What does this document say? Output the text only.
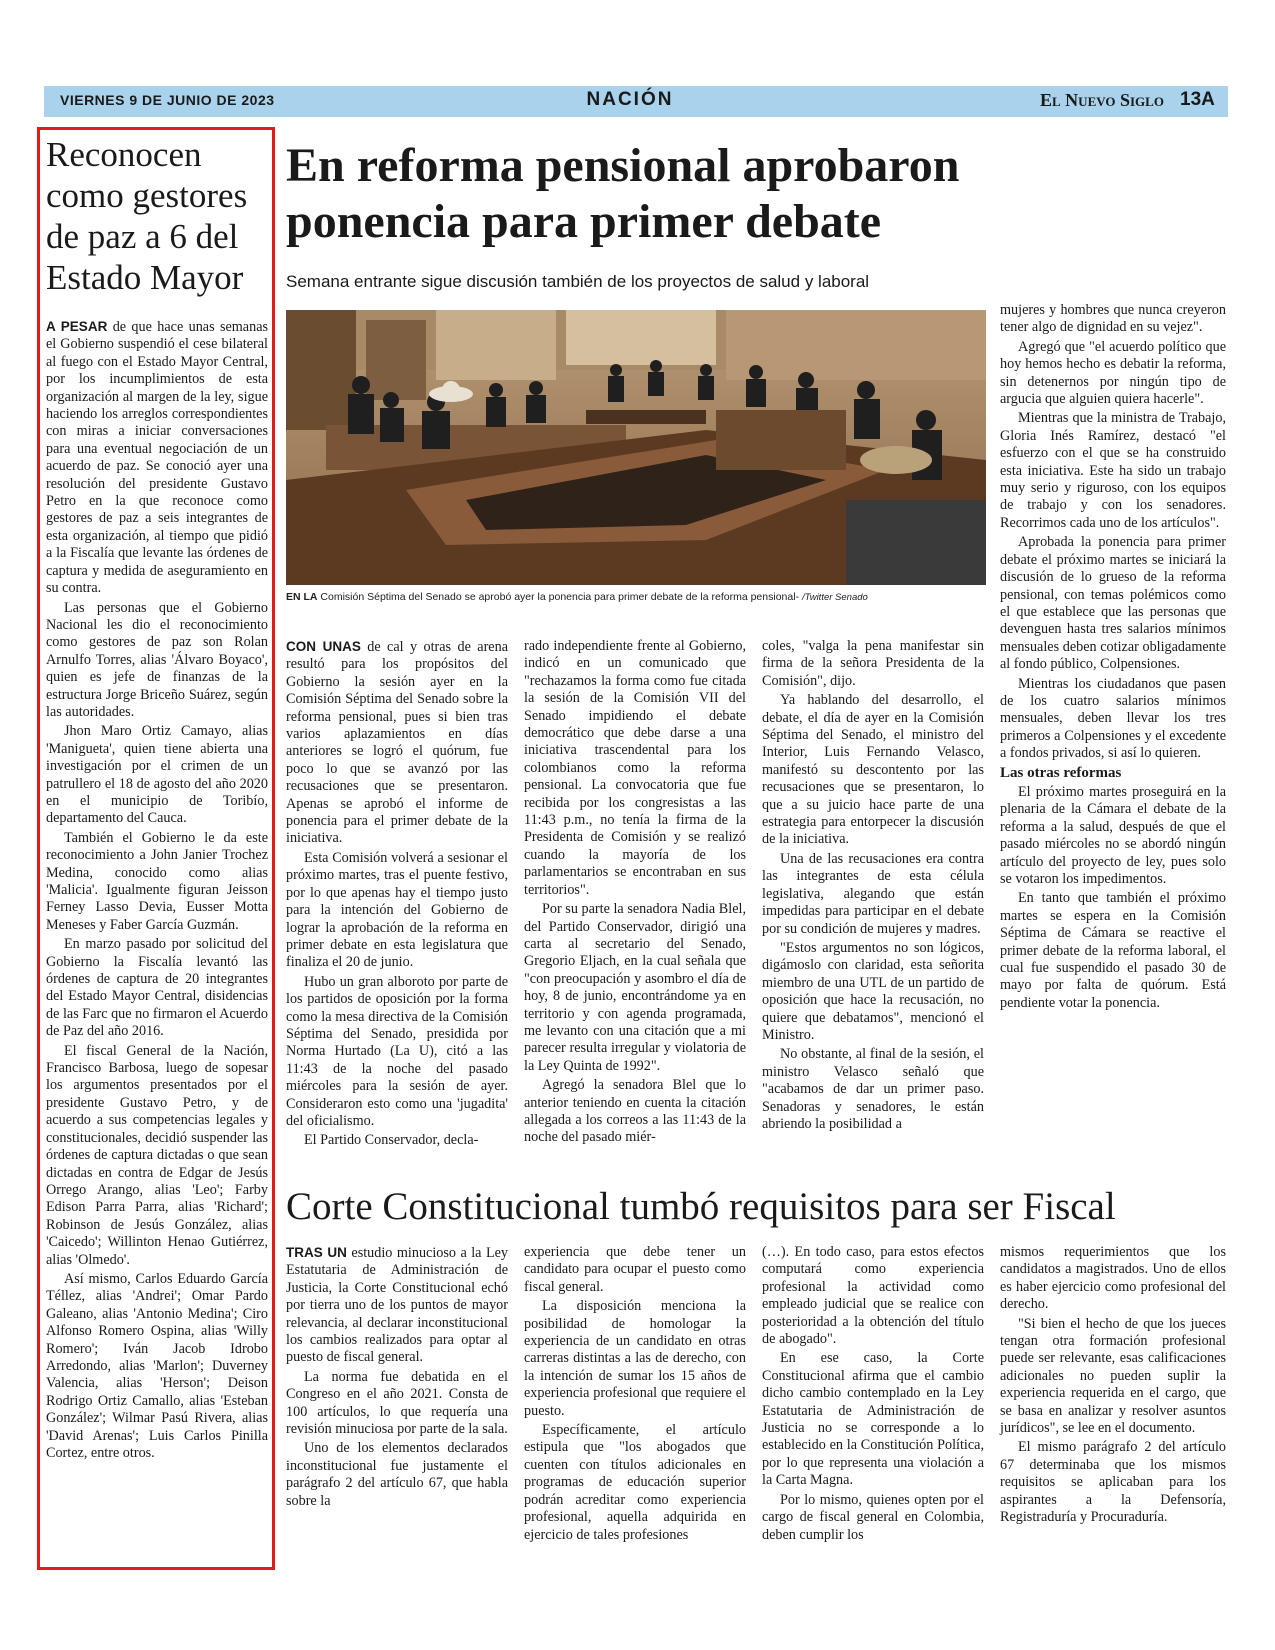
VIERNES 9 DE JUNIO DE 2023	NACIÓN	El Nuevo Siglo 13A
Reconocen como gestores de paz a 6 del Estado Mayor

A PESAR de que hace unas semanas el Gobierno suspendió el cese bilateral al fuego con el Estado Mayor Central, por los incumplimientos de esta organización al margen de la ley, sigue haciendo los arreglos correspondientes con miras a iniciar conversaciones para una eventual negociación de un acuerdo de paz. Se conoció ayer una resolución del presidente Gustavo Petro en la que reconoce como gestores de paz a seis integrantes de esta organización, al tiempo que pidió a la Fiscalía que levante las órdenes de captura y medida de aseguramiento en su contra.

Las personas que el Gobierno Nacional les dio el reconocimiento como gestores de paz son Rolan Arnulfo Torres, alias 'Álvaro Boyaco', quien es jefe de finanzas de la estructura Jorge Briceño Suárez, según las autoridades.

Jhon Maro Ortiz Camayo, alias 'Manigueta', quien tiene abierta una investigación por el crimen de un patrullero el 18 de agosto del año 2020 en el municipio de Toribío, departamento del Cauca.

También el Gobierno le da este reconocimiento a John Janier Trochez Medina, conocido como alias 'Malicia'. Igualmente figuran Jeisson Ferney Lasso Devia, Eusser Motta Meneses y Faber García Guzmán.

En marzo pasado por solicitud del Gobierno la Fiscalía levantó las órdenes de captura de 20 integrantes del Estado Mayor Central, disidencias de las Farc que no firmaron el Acuerdo de Paz del año 2016.

El fiscal General de la Nación, Francisco Barbosa, luego de sopesar los argumentos presentados por el presidente Gustavo Petro, y de acuerdo a sus competencias legales y constitucionales, decidió suspender las órdenes de captura dictadas o que sean dictadas en contra de Edgar de Jesús Orrego Arango, alias 'Leo'; Farby Edison Parra Parra, alias 'Richard'; Robinson de Jesús González, alias 'Caicedo'; Willinton Henao Gutiérrez, alias 'Olmedo'.

Así mismo, Carlos Eduardo García Téllez, alias 'Andrei'; Omar Pardo Galeano, alias 'Antonio Medina'; Ciro Alfonso Romero Ospina, alias 'Willy Romero'; Iván Jacob Idrobo Arredondo, alias 'Marlon'; Duverney Valencia, alias 'Herson'; Deison Rodrigo Ortiz Camallo, alias 'Esteban González'; Wilmar Pasú Rivera, alias 'David Arenas'; Luis Carlos Pinilla Cortez, entre otros.

En reforma pensional aprobaron ponencia para primer debate
Semana entrante sigue discusión también de los proyectos de salud y laboral
EN LA Comisión Séptima del Senado se aprobó ayer la ponencia para primer debate de la reforma pensional- /Twitter Senado

CON UNAS de cal y otras de arena resultó para los propósitos del Gobierno la sesión ayer en la Comisión Séptima del Senado sobre la reforma pensional, pues si bien tras varios aplazamientos en días anteriores se logró el quórum, fue poco lo que se avanzó por las recusaciones que se presentaron. Apenas se aprobó el informe de ponencia para el primer debate de la iniciativa.

Esta Comisión volverá a sesionar el próximo martes, tras el puente festivo, por lo que apenas hay el tiempo justo para la intención del Gobierno de lograr la aprobación de la reforma en primer debate en esta legislatura que finaliza el 20 de junio.

Hubo un gran alboroto por parte de los partidos de oposición por la forma como la mesa directiva de la Comisión Séptima del Senado, presidida por Norma Hurtado (La U), citó a las 11:43 de la noche del pasado miércoles para la sesión de ayer. Consideraron esto como una 'jugadita' del oficialismo.

El Partido Conservador, decla-

rado independiente frente al Gobierno, indicó en un comunicado que "rechazamos la forma como fue citada la sesión de la Comisión VII del Senado impidiendo el debate democrático que debe darse a una iniciativa trascendental para los colombianos como la reforma pensional. La convocatoria que fue recibida por los congresistas a las 11:43 p.m., no tenía la firma de la Presidenta de Comisión y se realizó cuando la mayoría de los parlamentarios se encontraban en sus territorios".

Por su parte la senadora Nadia Blel, del Partido Conservador, dirigió una carta al secretario del Senado, Gregorio Eljach, en la cual señala que "con preocupación y asombro el día de hoy, 8 de junio, encontrándome ya en territorio y con agenda programada, me levanto con una citación que a mi parecer resulta irregular y violatoria de la Ley Quinta de 1992".

Agregó la senadora Blel que lo anterior teniendo en cuenta la citación allegada a los correos a las 11:43 de la noche del pasado miér-

coles, "valga la pena manifestar sin firma de la señora Presidenta de la Comisión", dijo.

Ya hablando del desarrollo, el debate, el día de ayer en la Comisión Séptima del Senado, el ministro del Interior, Luis Fernando Velasco, manifestó su descontento por las recusaciones que se presentaron, lo que a su juicio hace parte de una estrategia para entorpecer la discusión de la iniciativa.

Una de las recusaciones era contra las integrantes de esta célula legislativa, alegando que están impedidas para participar en el debate por su condición de mujeres y madres.

"Estos argumentos no son lógicos, digámoslo con claridad, esta señorita miembro de una UTL de un partido de oposición que hace la recusación, no quiere que debatamos", mencionó el Ministro.

No obstante, al final de la sesión, el ministro Velasco señaló que "acabamos de dar un primer paso. Senadoras y senadores, le están abriendo la posibilidad a

mujeres y hombres que nunca creyeron tener algo de dignidad en su vejez".

Agregó que "el acuerdo político que hoy hemos hecho es debatir la reforma, sin detenernos por ningún tipo de argucia que alguien quiera hacerle".

Mientras que la ministra de Trabajo, Gloria Inés Ramírez, destacó "el esfuerzo con el que se ha construido esta iniciativa. Este ha sido un trabajo muy serio y riguroso, con los equipos de trabajo y con los senadores. Recorrimos cada uno de los artículos".

Aprobada la ponencia para primer debate el próximo martes se iniciará la discusión de lo grueso de la reforma pensional, con temas polémicos como el que establece que las personas que devenguen hasta tres salarios mínimos mensuales deben cotizar obligadamente al fondo público, Colpensiones.

Mientras los ciudadanos que pasen de los cuatro salarios mínimos mensuales, deben llevar los tres primeros a Colpensiones y el excedente a fondos privados, si así lo quieren.

Las otras reformas

El próximo martes proseguirá en la plenaria de la Cámara el debate de la reforma a la salud, después de que el pasado miércoles no se abordó ningún artículo del proyecto de ley, pues solo se votaron los impedimentos.

En tanto que también el próximo martes se espera en la Comisión Séptima de Cámara se reactive el primer debate de la reforma laboral, el cual fue suspendido el pasado 30 de mayo por falta de quórum. Está pendiente votar la ponencia.

Corte Constitucional tumbó requisitos para ser Fiscal

TRAS UN estudio minucioso a la Ley Estatutaria de Administración de Justicia, la Corte Constitucional echó por tierra uno de los puntos de mayor relevancia, al declarar inconstitucional los cambios realizados para optar al puesto de fiscal general.

La norma fue debatida en el Congreso en el año 2021. Consta de 100 artículos, lo que requería una revisión minuciosa por parte de la sala.

Uno de los elementos declarados inconstitucional fue justamente el parágrafo 2 del artículo 67, que habla sobre la

experiencia que debe tener un candidato para ocupar el puesto como fiscal general.

La disposición menciona la posibilidad de homologar la experiencia de un candidato en otras carreras distintas a las de derecho, con la intención de sumar los 15 años de experiencia profesional que requiere el puesto.

Específicamente, el artículo estipula que "los abogados que cuenten con títulos adicionales en programas de educación superior podrán acreditar como experiencia profesional, aquella adquirida en ejercicio de tales profesiones

(…). En todo caso, para estos efectos computará como experiencia profesional la actividad como empleado judicial que se realice con posterioridad a la obtención del título de abogado".

En ese caso, la Corte Constitucional afirma que el cambio dicho cambio contemplado en la Ley Estatutaria de Administración de Justicia no se corresponde a lo establecido en la Constitución Política, por lo que representa una violación a la Carta Magna.

Por lo mismo, quienes opten por el cargo de fiscal general en Colombia, deben cumplir los

mismos requerimientos que los candidatos a magistrados. Uno de ellos es haber ejercicio como profesional del derecho.

"Si bien el hecho de que los jueces tengan otra formación profesional puede ser relevante, esas calificaciones adicionales no pueden suplir la experiencia requerida en el cargo, que se basa en analizar y resolver asuntos jurídicos", se lee en el documento.

El mismo parágrafo 2 del artículo 67 determinaba que los mismos requisitos se aplicaban para los aspirantes a la Defensoría, Registraduría y Procuraduría.
